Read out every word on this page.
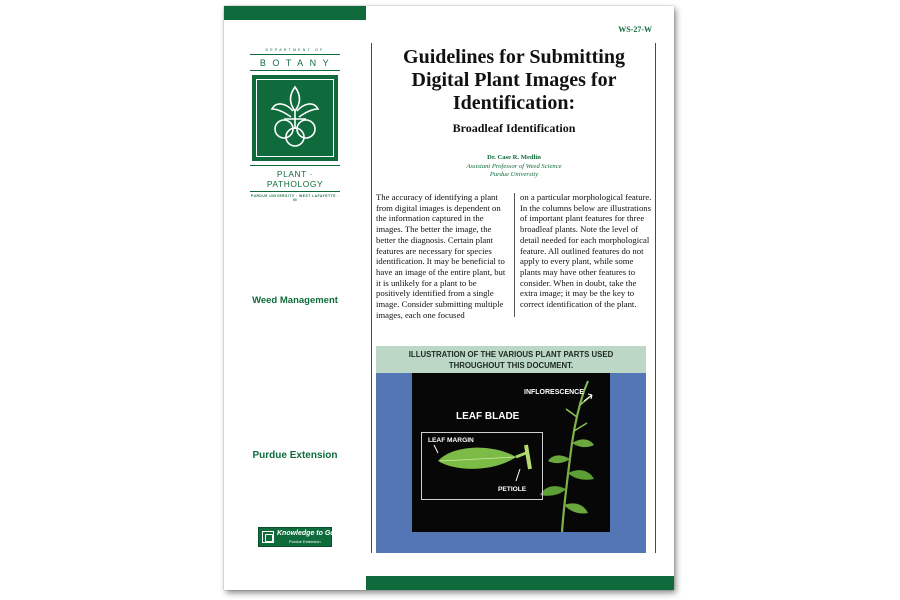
WS-27-W
DEPARTMENT OF
BOTANY
PLANT · PATHOLOGY
PURDUE UNIVERSITY · WEST LAFAYETTE · IN
Weed Management
Purdue Extension
Knowledge to Go
Purdue Extension
Guidelines for Submitting Digital Plant Images for Identification:
Broadleaf Identification
Dr. Case R. Medlin
Assistant Professor of Weed Science
Purdue University

The accuracy of identifying a plant from digital images is dependent on the information captured in the images. The better the image, the better the diagnosis. Certain plant features are necessary for species identification. It may be beneficial to have an image of the entire plant, but it is unlikely for a plant to be positively identified from a single image. Consider submitting multiple images, each one focused

on a particular morphological feature. In the columns below are illustrations of important plant features for three broadleaf plants. Note the level of detail needed for each morphological feature. All outlined features do not apply to every plant, while some plants may have other features to consider. When in doubt, take the extra image; it may be the key to correct identification of the plant.

ILLUSTRATION OF THE VARIOUS PLANT PARTS USED
THROUGHOUT THIS DOCUMENT.
INFLORESCENCE
LEAF BLADE
LEAF MARGIN
PETIOLE
